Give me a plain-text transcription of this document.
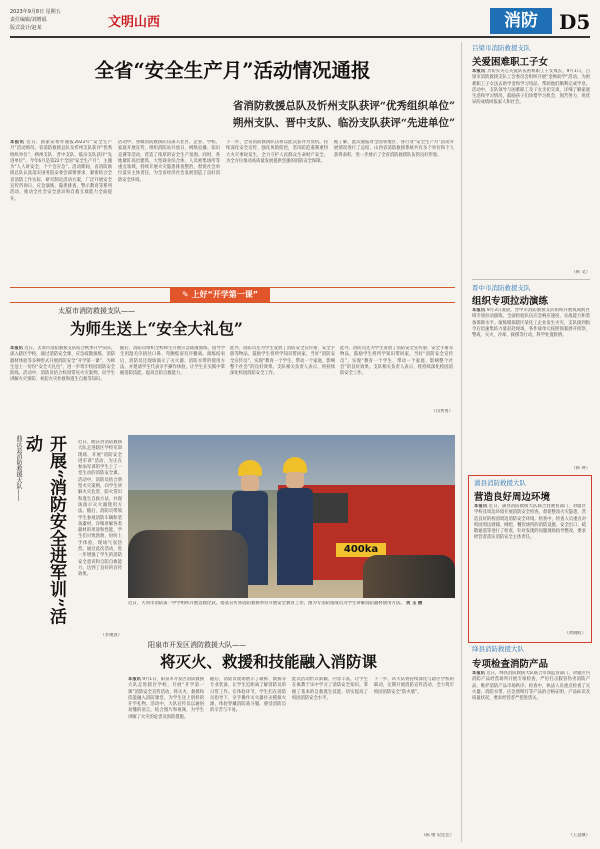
2023年9月8日 星期五
责任编辑/刘增福
版式设计/赵某	文明山西	消防	D5
全省“安全生产月”活动情况通报
省消防救援总队及忻州支队获评“优秀组织单位”
朔州支队、晋中支队、临汾支队获评“先进单位”
本报讯 近日，国家安委办通报2023年“安全生产月”活动情况，省消防救援总队及忻州支队获评“优秀组织单位”，朔州支队、晋中支队、临汾支队获评“先进单位”。今年6月是第22个全国“安全生产月”，主题为“人人讲安全、个个会应急”。活动期间，省消防救援总队认真落实国务院安委会部署要求，紧密结合全省消防工作实际，研究制定活动方案，广泛开展安全宣传咨询日、应急演练、隐患排查、警示教育等系列活动，推动全社会安全意识和自救互救能力全面提升。
活动中，各级消防救援队伍深入社区、企业、学校、家庭开展宣传，组织消防站开放日、网络直播、知识竞赛等活动，营造了浓厚的安全生产氛围。同时，各地紧盯高层建筑、大型商业综合体、人员密集场所等重点领域，持续开展火灾隐患排查整治，督促社会单位落实主体责任，为全省经济社会发展创造了良好消防安全环境。
下一步，全省消防救援队伍将以此次获评为契机，持续深化安全宣传，强化风险防控，坚决防范遏制重特大火灾事故发生，全力守护人民群众生命财产安全，为全方位推动高质量发展提供坚强的消防安全保障。
据了解，此次通报对全国各地区、各行业“安全生产月”活动开展情况进行了总结，山西省消防救援系统共有多个单位和个人获得表彰，进一步展示了全省消防救援队伍的良好形象。
✎ 上好“开学第一课”
太原市消防救援支队——
为师生送上“安全大礼包”
本报讯 近日，太原市消防救援支队结合秋季开学实际，深入辖区学校，通过消防安全课、应急疏散演练、消防器材体验等多种形式开展消防安全“开学第一课”，为师生送上一份份“安全大礼包”，进一步筑牢校园消防安全防线。活动中，消防员结合校园常见火灾案例，向学生讲解火灾预防、初起火灾扑救和逃生自救等知识。
随后，消防员组织全校师生开展应急疏散演练，指导学生用湿毛巾捂住口鼻、弯腰低姿有序撤离。演练结束后，消防员还现场演示了灭火器、消防水带的使用方法，并邀请学生代表亲手操作体验，让学生在实践中掌握消防技能，提高自防自救能力。
此外，消防员还为学生发放了消防安全宣传册、安全手册等物品，鼓励学生将所学知识带回家，当好“消防安全宣传员”，实现“教育一个学生、带动一个家庭、影响整个社会”的良好效果。支队相关负责人表示，将持续深化校园消防安全工作。
此外，消防员还为学生发放了消防安全宣传册、安全手册等物品，鼓励学生将所学知识带回家，当好“消防安全宣传员”，实现“教育一个学生、带动一个家庭、影响整个社会”的良好效果。支队相关负责人表示，将持续深化校园消防安全工作。
（闫秀男）
曲沃县消防救援大队——	开展“消防安全进军训”活动	近日，曲沃县消防救援大队走进辖区学校军训现场，开展“消防安全进军训”活动，为正在参加军训的学生上了一堂生动的消防安全课。活动中，消防员结合典型火灾案例，向学生讲解火灾危害、防火常识和逃生自救方法，并现场演示灭火器使用方法。随后，消防员带领学生参观消防车辆和装备器材，详细讲解各类器材的用途和性能，学生们兴致勃勃，纷纷上手体验，现场气氛热烈。通过此次活动，进一步增强了学生的消防安全意识和自防自救能力，达到了良好的宣传效果。
（李俊真）
400ka
近日，大同市消防第一中学组织开展急救比武，塔基宣传各消防救援单位开展安全教育工作。图为专消防指战员为学生讲解消防器材使用方法。 贺 玉 摄
阳泉市开发区消防救援大队——
将灭火、救援和技能融入消防课
本报讯 9月1日，阳泉市开发区消防救援大队走进辖区学校，开展“开学第一课”消防安全宣传活动，将灭火、救援和技能融入消防课堂，为学生送上别样的开学礼物。活动中，大队宣传员以通俗易懂的语言，结合图片和视频，为学生讲解了火灾的危害及预防措施。
随后，消防员现场展示了破拆、救援等专业装备，让学生近距离了解消防员的日常工作。在体验环节，学生们在消防员指导下，亲手操作灭火器扑灭模拟火源，体验穿戴消防战斗服，感受消防员的辛苦与不易。
此次活动形式新颖、内容丰富，让学生在寓教于乐中学习了消防安全知识，掌握了基本的自救逃生技能，切实提高了校园消防安全水平。
下一步，该大队将持续深化与辖区学校的联动，定期开展消防宣传活动，全力筑牢校园消防安全“防火墙”。
（陈 婧 史佳佳）
吕梁市消防救援支队
关爱困难职工子女
本报讯 为切实关心关爱队伍困难职工子女成长，9月1日，吕梁市消防救援支队工会委员会组织开展“金秋助学”活动，为困难职工子女送去助学金和学习用品，帮助他们顺利完成学业。活动中，支队领导与困难职工及子女亲切交谈，详细了解家庭生活和学习情况，鼓励孩子们珍惜学习机会，刻苦努力，用优异的成绩回报家人和社会。
（韩 文）
晋中市消防救援支队
组织专项拉动演练
本报讯 9月3日凌晨，晋中市消防救援支队组织开展夜间跨区域专项拉动演练，全面检验队伍应急响应速度、实战能力和装备保障水平。演练模拟辖区某化工企业发生火灾，支队接到指令后迅速集结力量赶赴现场，各作战单元按照预案展开侦察、警戒、灭火、冷却、救援等行动，科学处置险情。
（韩 瑛）
蒲县消防救援大队
营造良好周边环境
本报讯 近日，蒲县消防救援大队联合县教育部门，对辖区学校及周边环境开展消防安全检查，督促整改火灾隐患，营造良好的校园周边消防安全环境。检查中，检查人员重点对校园周边商铺、网吧、餐饮场所的消防设施、安全出口、疏散通道等进行了检查，针对发现的问题现场指导整改，要求经营者落实消防安全主体责任。
（黄晓虹）
绛县消防救援大队
专项检查消防产品
本报讯 近日，绛县消防救援大队联合市场监管部门，对辖区内消防产品经营场所开展专项检查，严厉打击假冒伪劣消防产品，维护消防产品市场秩序。检查中，执法人员重点检查了灭火器、消防水带、应急照明灯等产品的合格证明、产品标识及质量状况，要求经营者严把进货关。
（王慧敏）
